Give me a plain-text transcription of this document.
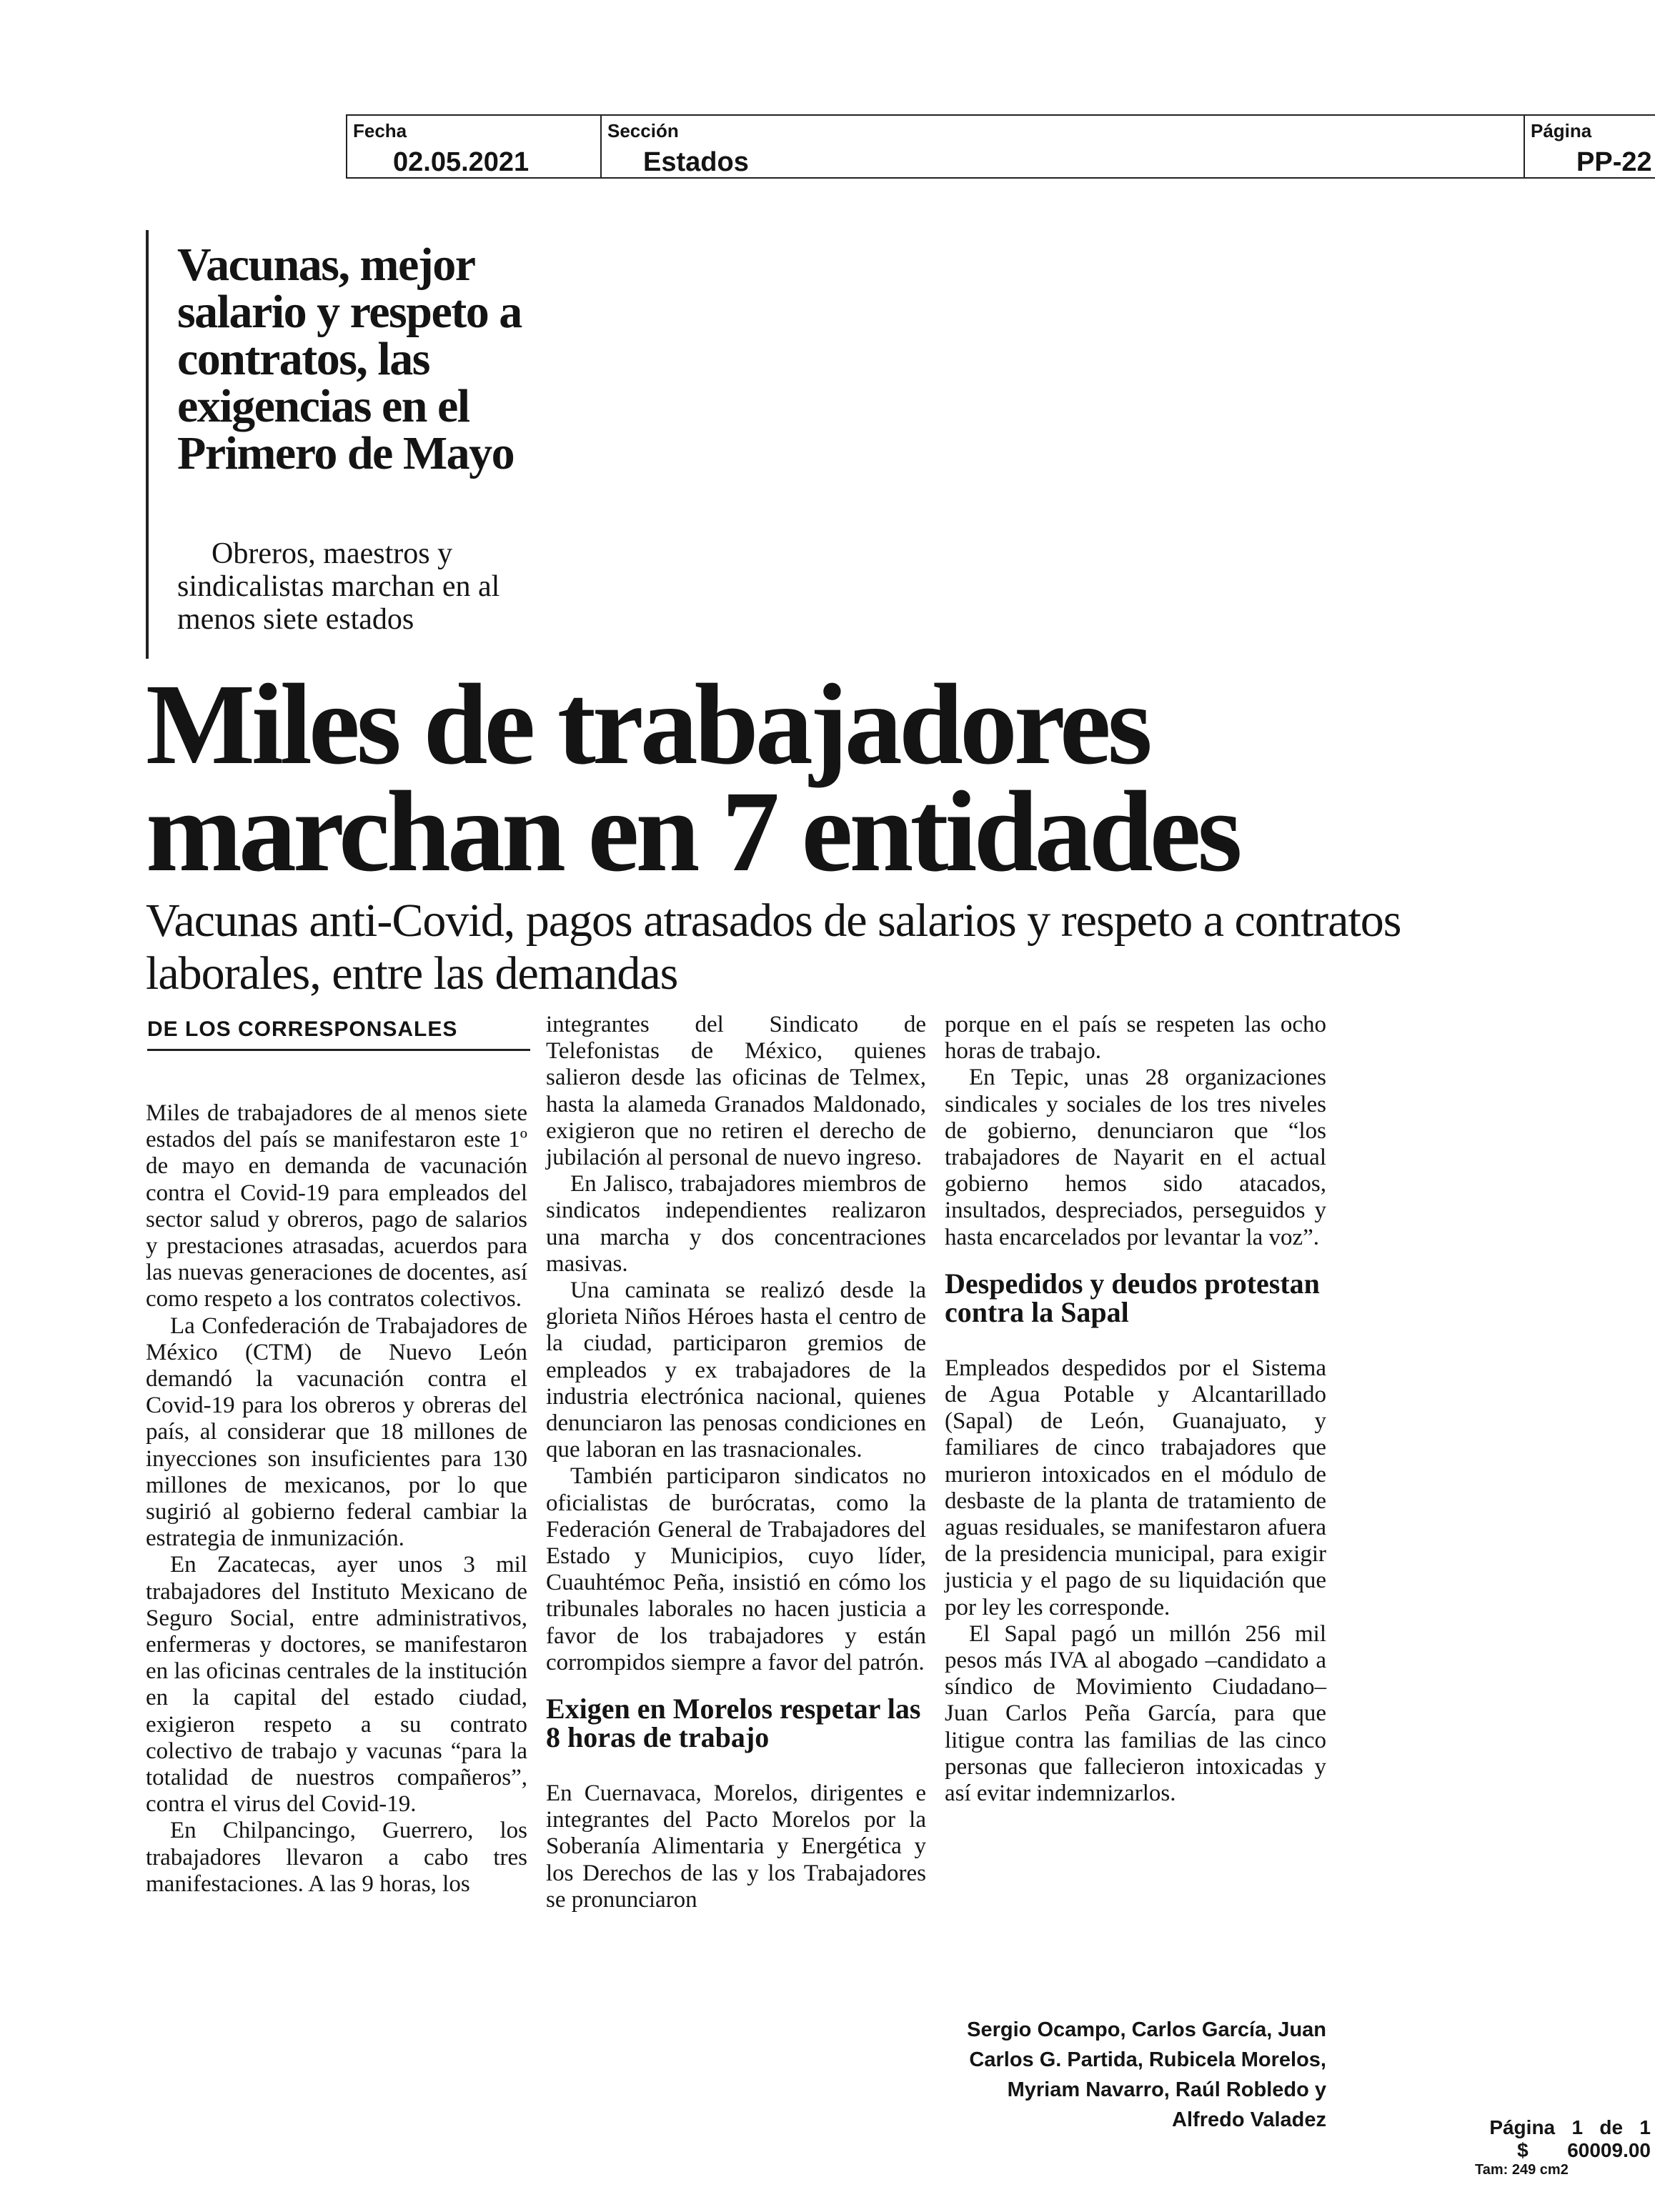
Fecha
02.05.2021
Sección
Estados
Página
PP-22
Vacunas, mejor salario y respeto a contratos, las exigencias en el Primero de Mayo
Obreros, maestros y sindicalistas marchan en al menos siete estados
Miles de trabajadores marchan en 7 entidades
Vacunas anti-Covid, pagos atrasados de salarios y respeto a contratos laborales, entre las demandas
DE LOS CORRESPONSALES

Miles de trabajadores de al menos siete estados del país se manifestaron este 1º de mayo en demanda de vacunación contra el Covid-19 para empleados del sector salud y obreros, pago de salarios y prestaciones atrasadas, acuerdos para las nuevas generaciones de docentes, así como respeto a los contratos colectivos.

La Confederación de Trabajadores de México (CTM) de Nuevo León demandó la vacunación contra el Covid-19 para los obreros y obreras del país, al considerar que 18 millones de inyecciones son insuficientes para 130 millones de mexicanos, por lo que sugirió al gobierno federal cambiar la estrategia de inmunización.

En Zacatecas, ayer unos 3 mil trabajadores del Instituto Mexicano de Seguro Social, entre administrativos, enfermeras y doctores, se manifestaron en las oficinas centrales de la institución en la capital del estado ciudad, exigieron respeto a su contrato colectivo de trabajo y vacunas “para la totalidad de nuestros compañeros”, contra el virus del Covid-19.

En Chilpancingo, Guerrero, los trabajadores llevaron a cabo tres manifestaciones. A las 9 horas, los

integrantes del Sindicato de Telefonistas de México, quienes salieron desde las oficinas de Telmex, hasta la alameda Granados Maldonado, exigieron que no retiren el derecho de jubilación al personal de nuevo ingreso.

En Jalisco, trabajadores miembros de sindicatos independientes realizaron una marcha y dos concentraciones masivas.

Una caminata se realizó desde la glorieta Niños Héroes hasta el centro de la ciudad, participaron gremios de empleados y ex trabajadores de la industria electrónica nacional, quienes denunciaron las penosas condiciones en que laboran en las trasnacionales.

También participaron sindicatos no oficialistas de burócratas, como la Federación General de Trabajadores del Estado y Municipios, cuyo líder, Cuauhtémoc Peña, insistió en cómo los tribunales laborales no hacen justicia a favor de los trabajadores y están corrompidos siempre a favor del patrón.

Exigen en Morelos respetar las 8 horas de trabajo

En Cuernavaca, Morelos, dirigentes e integrantes del Pacto Morelos por la Soberanía Alimentaria y Energética y los Derechos de las y los Trabajadores se pronunciaron

porque en el país se respeten las ocho horas de trabajo.

En Tepic, unas 28 organizaciones sindicales y sociales de los tres niveles de gobierno, denunciaron que “los trabajadores de Nayarit en el actual gobierno hemos sido atacados, insultados, despreciados, perseguidos y hasta encarcelados por levantar la voz”.

Despedidos y deudos protestan contra la Sapal

Empleados despedidos por el Sistema de Agua Potable y Alcantarillado (Sapal) de León, Guanajuato, y familiares de cinco trabajadores que murieron intoxicados en el módulo de desbaste de la planta de tratamiento de aguas residuales, se manifestaron afuera de la presidencia municipal, para exigir justicia y el pago de su liquidación que por ley les corresponde.

El Sapal pagó un millón 256 mil pesos más IVA al abogado –candidato a síndico de Movimiento Ciudadano– Juan Carlos Peña García, para que litigue contra las familias de las cinco personas que fallecieron intoxicadas y así evitar indemnizarlos.

Sergio Ocampo, Carlos García, Juan
Carlos G. Partida, Rubicela Morelos,
Myriam Navarro, Raúl Robledo y
Alfredo Valadez	Página 1 de 1
$ 60009.00
Tam: 249 cm2
